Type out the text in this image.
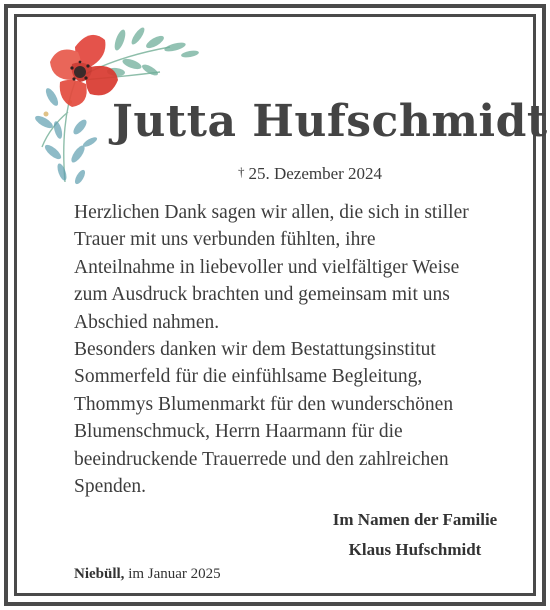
Jutta Hufschmidt
† 25. Dezember 2024
Herzlichen Dank sagen wir allen, die sich in stiller
Trauer mit uns verbunden fühlten, ihre
Anteilnahme in liebevoller und vielfältiger Weise
zum Ausdruck brachten und gemeinsam mit uns
Abschied nahmen.
Besonders danken wir dem Bestattungsinstitut
Sommerfeld für die einfühlsame Begleitung,
Thommys Blumenmarkt für den wunderschönen
Blumenschmuck, Herrn Haarmann für die
beeindruckende Trauerrede und den zahlreichen
Spenden.
Im Namen der Familie
Klaus Hufschmidt
Niebüll, im Januar 2025
